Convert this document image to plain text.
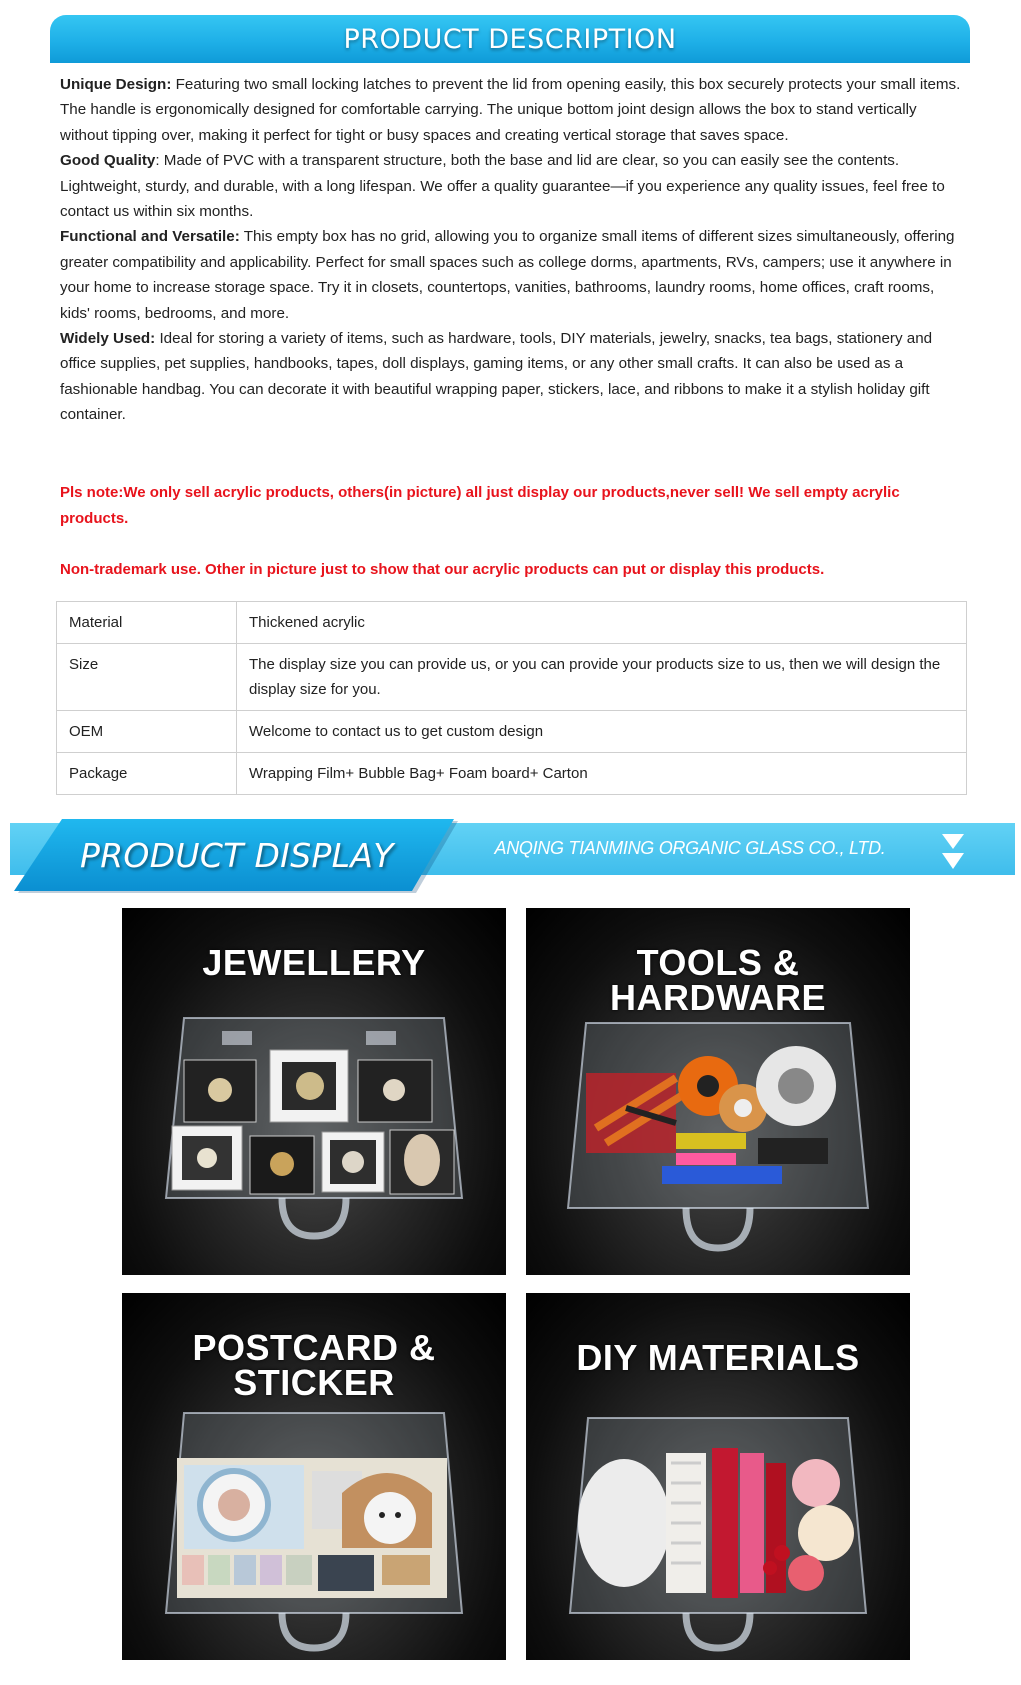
PRODUCT DESCRIPTION

Unique Design: Featuring two small locking latches to prevent the lid from opening easily, this box securely protects your small items. The handle is ergonomically designed for comfortable carrying. The unique bottom joint design allows the box to stand vertically without tipping over, making it perfect for tight or busy spaces and creating vertical storage that saves space.

Good Quality: Made of PVC with a transparent structure, both the base and lid are clear, so you can easily see the contents. Lightweight, sturdy, and durable, with a long lifespan. We offer a quality guarantee—if you experience any quality issues, feel free to contact us within six months.

Functional and Versatile: This empty box has no grid, allowing you to organize small items of different sizes simultaneously, offering greater compatibility and applicability. Perfect for small spaces such as college dorms, apartments, RVs, campers; use it anywhere in your home to increase storage space. Try it in closets, countertops, vanities, bathrooms, laundry rooms, home offices, craft rooms, kids' rooms, bedrooms, and more.

Widely Used: Ideal for storing a variety of items, such as hardware, tools, DIY materials, jewelry, snacks, tea bags, stationery and office supplies, pet supplies, handbooks, tapes, doll displays, gaming items, or any other small crafts. It can also be used as a fashionable handbag. You can decorate it with beautiful wrapping paper, stickers, lace, and ribbons to make it a stylish holiday gift container.

Pls note:We only sell acrylic products, others(in picture) all just display our products,never sell! We sell empty acrylic products.
Non-trademark use. Other in picture just to show that our acrylic products can put or display this products.
Material	Thickened acrylic
Size	The display size you can provide us, or you can provide your products size to us, then we will design the display size for you.
OEM	Welcome to contact us to get custom design
Package	Wrapping Film+ Bubble Bag+ Foam board+ Carton
PRODUCT DISPLAY	ANQING TIANMING ORGANIC GLASS CO., LTD.
JEWELLERY	TOOLS &
HARDWARE
POSTCARD &
STICKER
DIY MATERIALS
